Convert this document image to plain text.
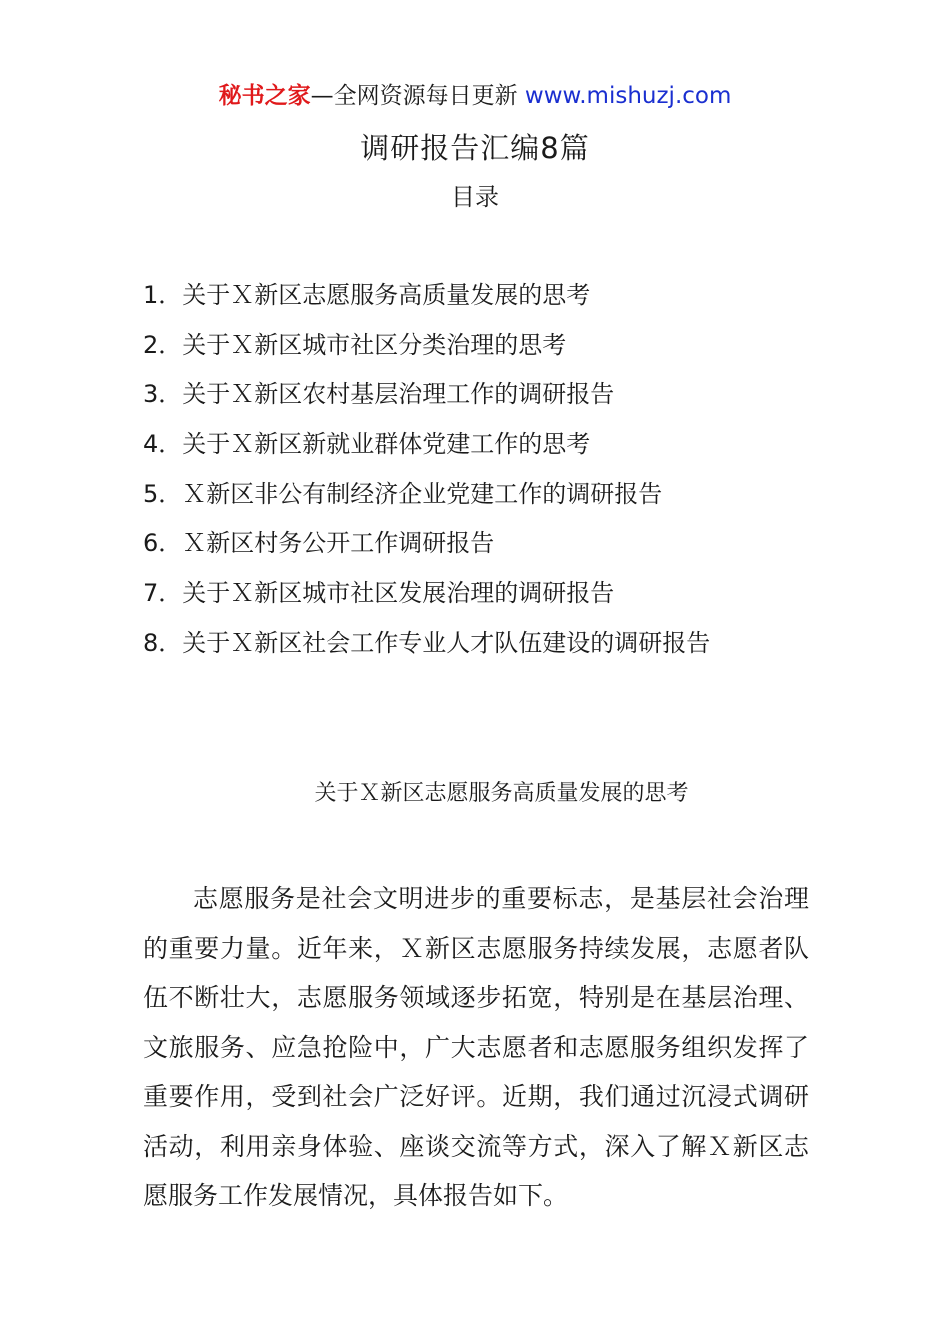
秘书之家—全网资源每日更新 www.mishuzj.com
调研报告汇编8篇
目录
1．关于Ｘ新区志愿服务高质量发展的思考
2．关于Ｘ新区城市社区分类治理的思考
3．关于Ｘ新区农村基层治理工作的调研报告
4．关于Ｘ新区新就业群体党建工作的思考
5．Ｘ新区非公有制经济企业党建工作的调研报告
6．Ｘ新区村务公开工作调研报告
7．关于Ｘ新区城市社区发展治理的调研报告
8．关于Ｘ新区社会工作专业人才队伍建设的调研报告
关于Ｘ新区志愿服务高质量发展的思考

志愿服务是社会文明进步的重要标志，是基层社会治理的重要力量。近年来，Ｘ新区志愿服务持续发展，志愿者队伍不断壮大，志愿服务领域逐步拓宽，特别是在基层治理、文旅服务、应急抢险中，广大志愿者和志愿服务组织发挥了重要作用，受到社会广泛好评。近期，我们通过沉浸式调研活动，利用亲身体验、座谈交流等方式，深入了解Ｘ新区志愿服务工作发展情况，具体报告如下。
